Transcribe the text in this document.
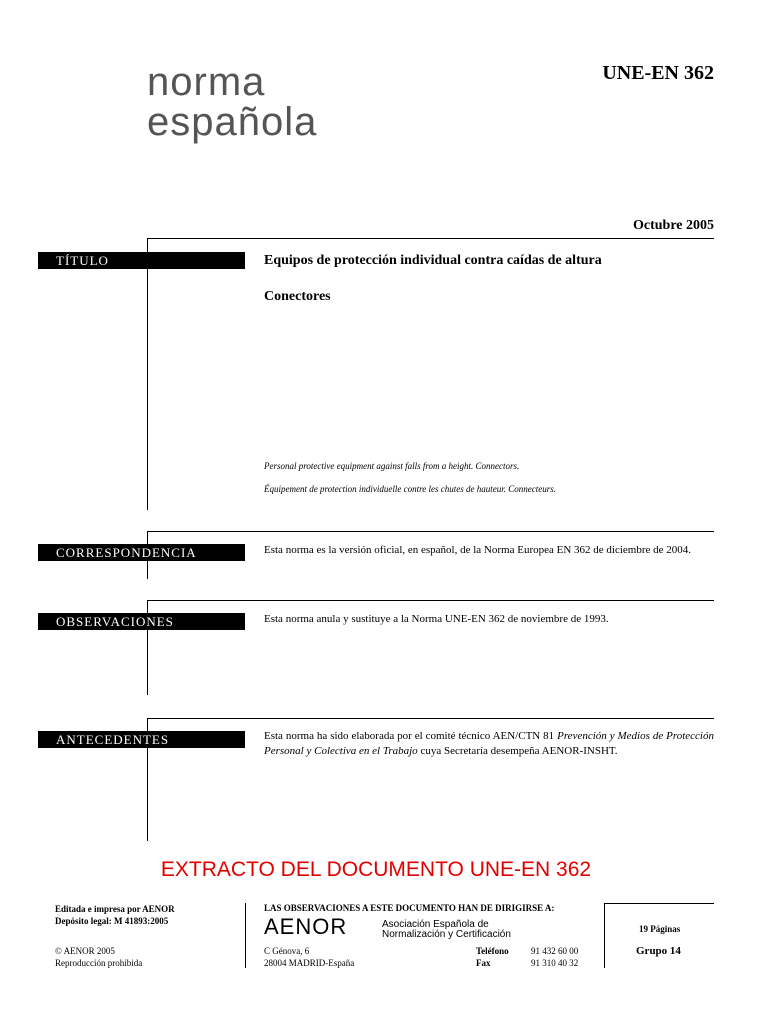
norma
española
UNE-EN 362
Octubre 2005
TÍTULO	Equipos de protección individual contra caídas de altura
Conectores
Personal protective equipment against falls from a height. Connectors.
Équipement de protection individuelle contre les chutes de hauteur. Connecteurs.
CORRESPONDENCIA	Esta norma es la versión oficial, en español, de la Norma Europea EN 362 de diciembre de 2004.
OBSERVACIONES	Esta norma anula y sustituye a la Norma UNE-EN 362 de noviembre de 1993.
ANTECEDENTES	Esta norma ha sido elaborada por el comité técnico AEN/CTN 81 Prevención y Medios de Protección Personal y Colectiva en el Trabajo cuya Secretaría desempeña AENOR-INSHT.
EXTRACTO DEL DOCUMENTO UNE-EN 362
Editada e impresa por AENOR
Depósito legal: M 41893:2005
© AENOR 2005
Reproducción prohibida
LAS OBSERVACIONES A ESTE DOCUMENTO HAN DE DIRIGIRSE A:
AENOR	Asociación Española de
Normalización y Certificación
C Génova, 6
28004 MADRID-España
Teléfono 91 432 60 00
Fax	91 310 40 32
19 Páginas
Grupo 14
